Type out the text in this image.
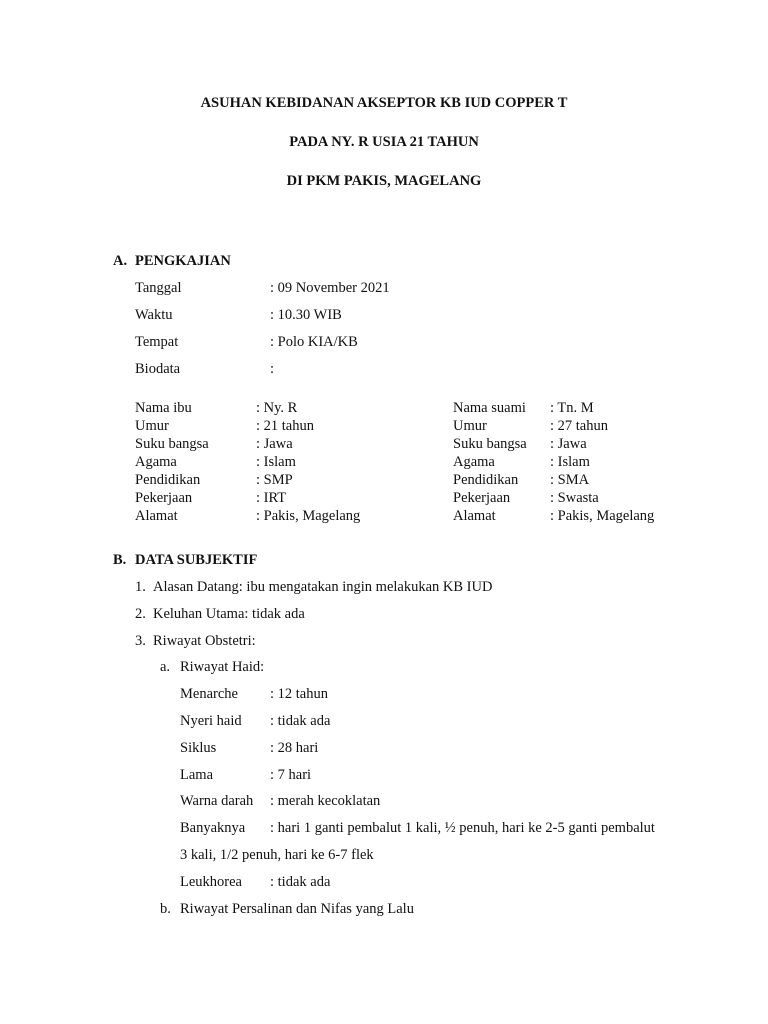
ASUHAN KEBIDANAN AKSEPTOR KB IUD COPPER T
PADA NY. R USIA 21 TAHUN
DI PKM PAKIS, MAGELANG
A. PENGKAJIAN
Tanggal	: 09 November 2021
Waktu	: 10.30 WIB
Tempat	: Polo KIA/KB
Biodata	:
Nama ibu	: Ny. R
Umur	: 21 tahun
Suku bangsa	: Jawa
Agama	: Islam
Pendidikan	: SMP
Pekerjaan	: IRT
Alamat	: Pakis, Magelang
Nama suami : Tn. M
Umur	: 27 tahun
Suku bangsa : Jawa
Agama	: Islam
Pendidikan : SMA
Pekerjaan	: Swasta
Alamat	: Pakis, Magelang
B. DATA SUBJEKTIF
1. Alasan Datang: ibu mengatakan ingin melakukan KB IUD
2. Keluhan Utama: tidak ada
3. Riwayat Obstetri:
a. Riwayat Haid:
Menarche : 12 tahun
Nyeri haid : tidak ada
Siklus	: 28 hari
Lama	: 7 hari
Warna darah : merah kecoklatan
Banyaknya : hari 1 ganti pembalut 1 kali, ½ penuh, hari ke 2-5 ganti pembalut
3 kali, 1/2 penuh, hari ke 6-7 flek
Leukhorea : tidak ada
b. Riwayat Persalinan dan Nifas yang Lalu
